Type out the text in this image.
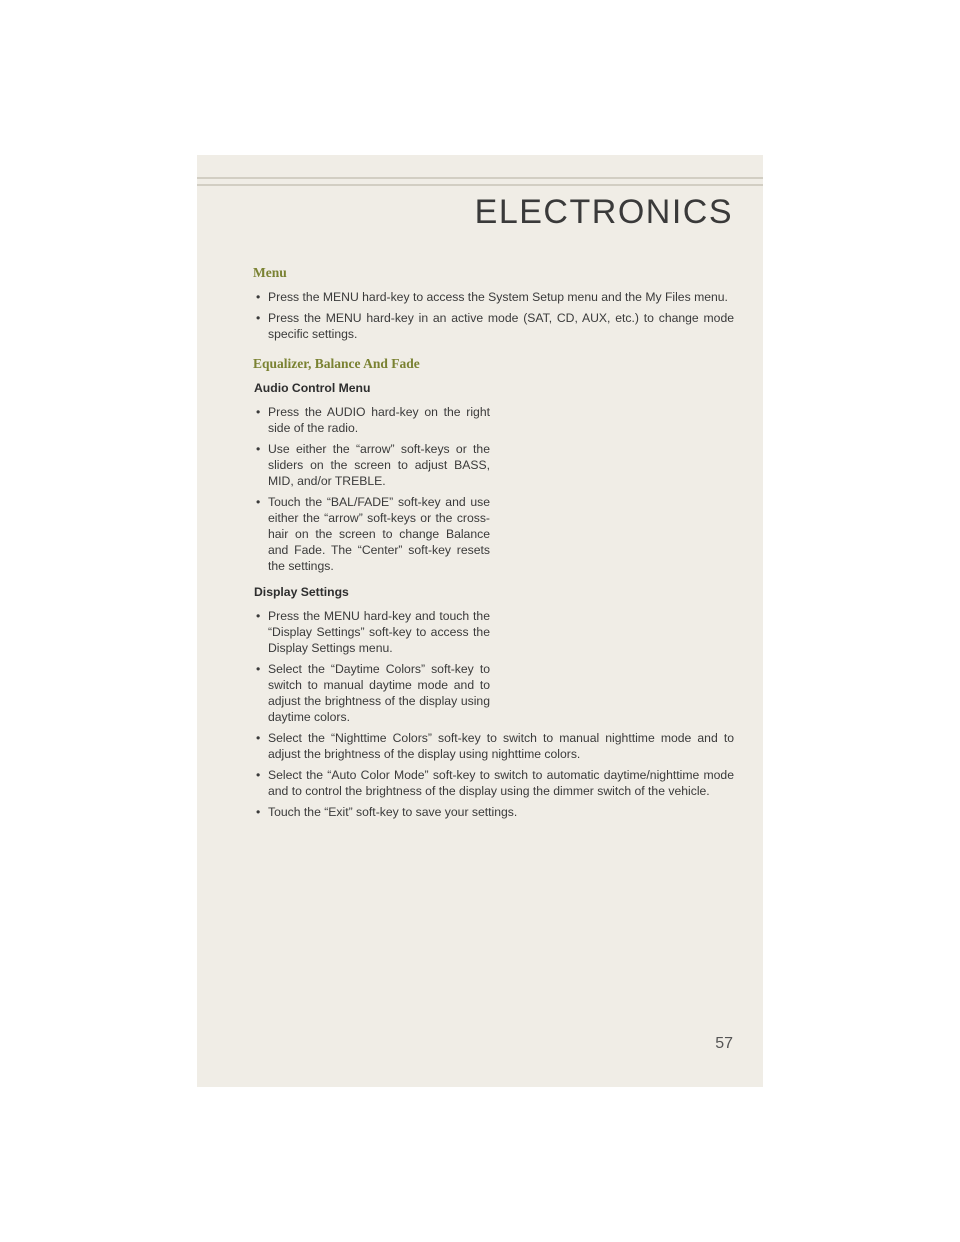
ELECTRONICS
Menu
• Press the MENU hard-key to access the System Setup menu and the My Files menu.
• Press the MENU hard-key in an active mode (SAT, CD, AUX, etc.) to change mode specific settings.
Equalizer, Balance And Fade
Audio Control Menu
• Press the AUDIO hard-key on the right side of the radio.
• Use either the “arrow” soft-keys or the sliders on the screen to adjust BASS, MID, and/or TREBLE.
• Touch the “BAL/FADE” soft-key and use either the “arrow” soft-keys or the cross-hair on the screen to change Balance and Fade. The “Center” soft-key resets the settings.
Display Settings
• Press the MENU hard-key and touch the “Display Settings” soft-key to access the Display Settings menu.
• Select the “Daytime Colors” soft-key to switch to manual daytime mode and to adjust the brightness of the display using daytime colors.
• Select the “Nighttime Colors” soft-key to switch to manual nighttime mode and to adjust the brightness of the display using nighttime colors.
• Select the “Auto Color Mode” soft-key to switch to automatic daytime/nighttime mode and to control the brightness of the display using the dimmer switch of the vehicle.
• Touch the “Exit” soft-key to save your settings.
57
